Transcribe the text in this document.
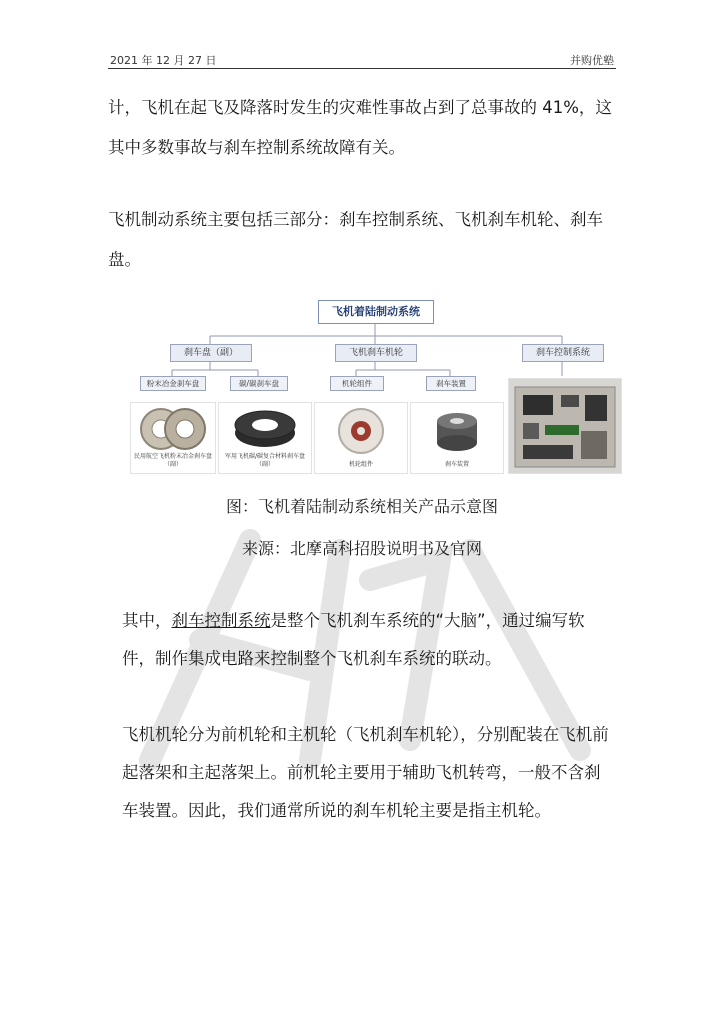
2021 年 12 月 27 日	并购优塾

计，飞机在起飞及降落时发生的灾难性事故占到了总事故的 41%，这其中多数事故与刹车控制系统故障有关。

飞机制动系统主要包括三部分：刹车控制系统、飞机刹车机轮、刹车盘。

飞机着陆制动系统
刹车盘（副）	飞机刹车机轮	刹车控制系统
粉末冶金刹车盘	碳/碳刹车盘	机轮组件	刹车装置
民用航空飞机粉末冶金刹车盘（副）
军用飞机碳/碳复合材料刹车盘（副）	机轮组件	刹车装置

图：飞机着陆制动系统相关产品示意图

来源：北摩高科招股说明书及官网

其中，刹车控制系统是整个飞机刹车系统的“大脑”，通过编写软件，制作集成电路来控制整个飞机刹车系统的联动。

飞机机轮分为前机轮和主机轮（飞机刹车机轮），分别配装在飞机前起落架和主起落架上。前机轮主要用于辅助飞机转弯，一般不含刹车装置。因此，我们通常所说的刹车机轮主要是指主机轮。
